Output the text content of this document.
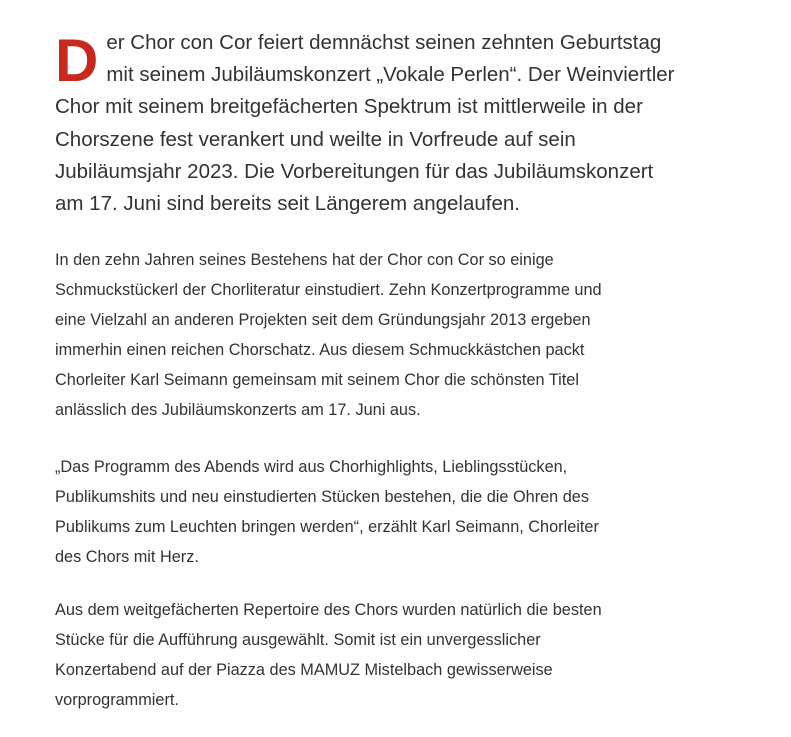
D er Chor con Cor feiert demnächst seinen zehnten Geburtstag
mit seinem Jubiläumskonzert „Vokale Perlen“. Der Weinviertler
Chor mit seinem breitgefächerten Spektrum ist mittlerweile in der
Chorszene fest verankert und weilte in Vorfreude auf sein
Jubiläumsjahr 2023. Die Vorbereitungen für das Jubiläumskonzert
am 17. Juni sind bereits seit Längerem angelaufen.

In den zehn Jahren seines Bestehens hat der Chor con Cor so einige
Schmuckstückerl der Chorliteratur einstudiert. Zehn Konzertprogramme und
eine Vielzahl an anderen Projekten seit dem Gründungsjahr 2013 ergeben
immerhin einen reichen Chorschatz. Aus diesem Schmuckkästchen packt
Chorleiter Karl Seimann gemeinsam mit seinem Chor die schönsten Titel
anlässlich des Jubiläumskonzerts am 17. Juni aus.

„Das Programm des Abends wird aus Chorhighlights, Lieblingsstücken,
Publikumshits und neu einstudierten Stücken bestehen, die die Ohren des
Publikums zum Leuchten bringen werden“, erzählt Karl Seimann, Chorleiter
des Chors mit Herz.

Aus dem weitgefächerten Repertoire des Chors wurden natürlich die besten
Stücke für die Aufführung ausgewählt. Somit ist ein unvergesslicher
Konzertabend auf der Piazza des MAMUZ Mistelbach gewisserweise
vorprogrammiert.
